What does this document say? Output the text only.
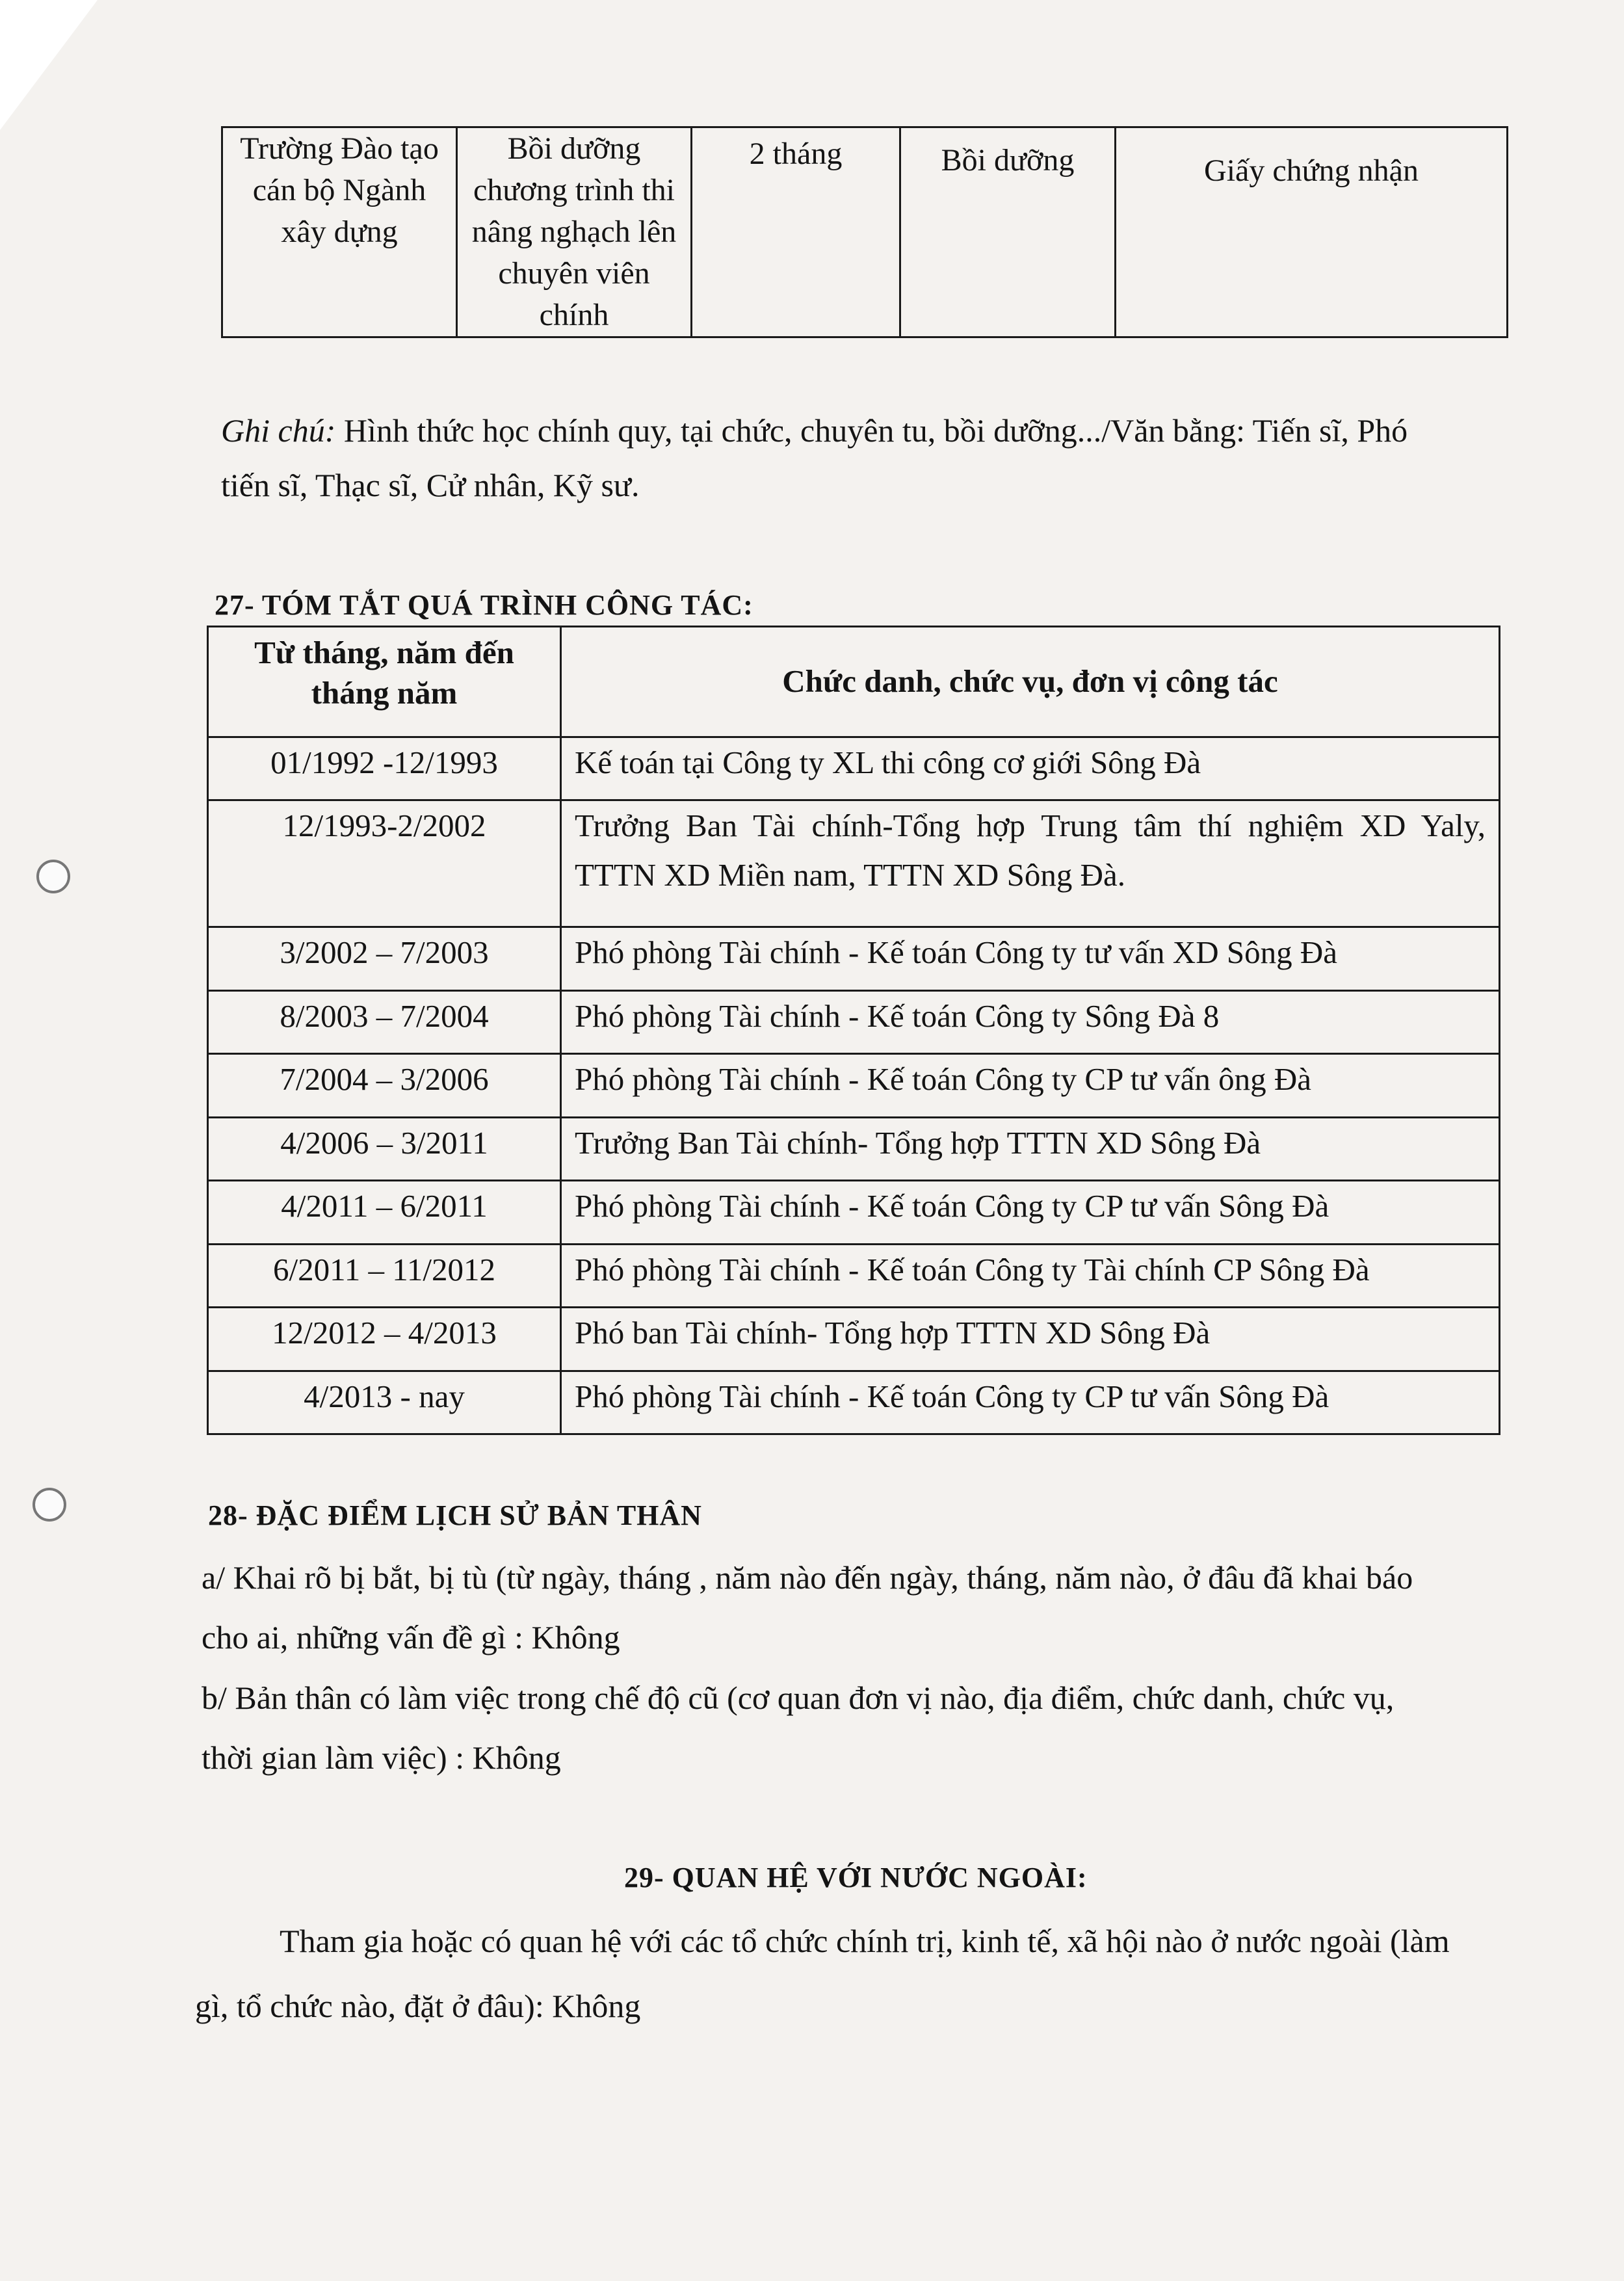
Trường Đào tạo cán bộ Ngành xây dựng	Bồi dưỡng chương trình thi nâng nghạch lên chuyên viên chính	2 tháng	Bồi dưỡng	Giấy chứng nhận
Ghi chú: Hình thức học chính quy, tại chức, chuyên tu, bồi dưỡng.../Văn bằng: Tiến sĩ, Phó tiến sĩ, Thạc sĩ, Cử nhân, Kỹ sư.
27- TÓM TẮT QUÁ TRÌNH CÔNG TÁC:
Từ tháng, năm đến tháng năm	Chức danh, chức vụ, đơn vị công tác
01/1992 -12/1993	Kế toán tại Công ty XL thi công cơ giới Sông Đà
12/1993-2/2002	Trưởng Ban Tài chính-Tổng hợp Trung tâm thí nghiệm XD Yaly, TTTN XD Miền nam, TTTN XD Sông Đà.
3/2002 – 7/2003	Phó phòng Tài chính - Kế toán Công ty tư vấn XD Sông Đà
8/2003 – 7/2004	Phó phòng Tài chính - Kế toán Công ty Sông Đà 8
7/2004 – 3/2006	Phó phòng Tài chính - Kế toán Công ty CP tư vấn ông Đà
4/2006 – 3/2011	Trưởng Ban Tài chính- Tổng hợp TTTN XD Sông Đà
4/2011 – 6/2011	Phó phòng Tài chính - Kế toán Công ty CP tư vấn Sông Đà
6/2011 – 11/2012	Phó phòng Tài chính - Kế toán Công ty Tài chính CP Sông Đà
12/2012 – 4/2013	Phó ban Tài chính- Tổng hợp TTTN XD Sông Đà
4/2013 - nay	Phó phòng Tài chính - Kế toán Công ty CP tư vấn Sông Đà
28- ĐẶC ĐIỂM LỊCH SỬ BẢN THÂN
a/ Khai rõ bị bắt, bị tù (từ ngày, tháng , năm nào đến ngày, tháng, năm nào, ở đâu đã khai báo cho ai, những vấn đề gì : Không
b/ Bản thân có làm việc trong chế độ cũ (cơ quan đơn vị nào, địa điểm, chức danh, chức vụ, thời gian làm việc) : Không
29- QUAN HỆ VỚI NƯỚC NGOÀI:
Tham gia hoặc có quan hệ với các tổ chức chính trị, kinh tế, xã hội nào ở nước ngoài (làm gì, tổ chức nào, đặt ở đâu): Không
